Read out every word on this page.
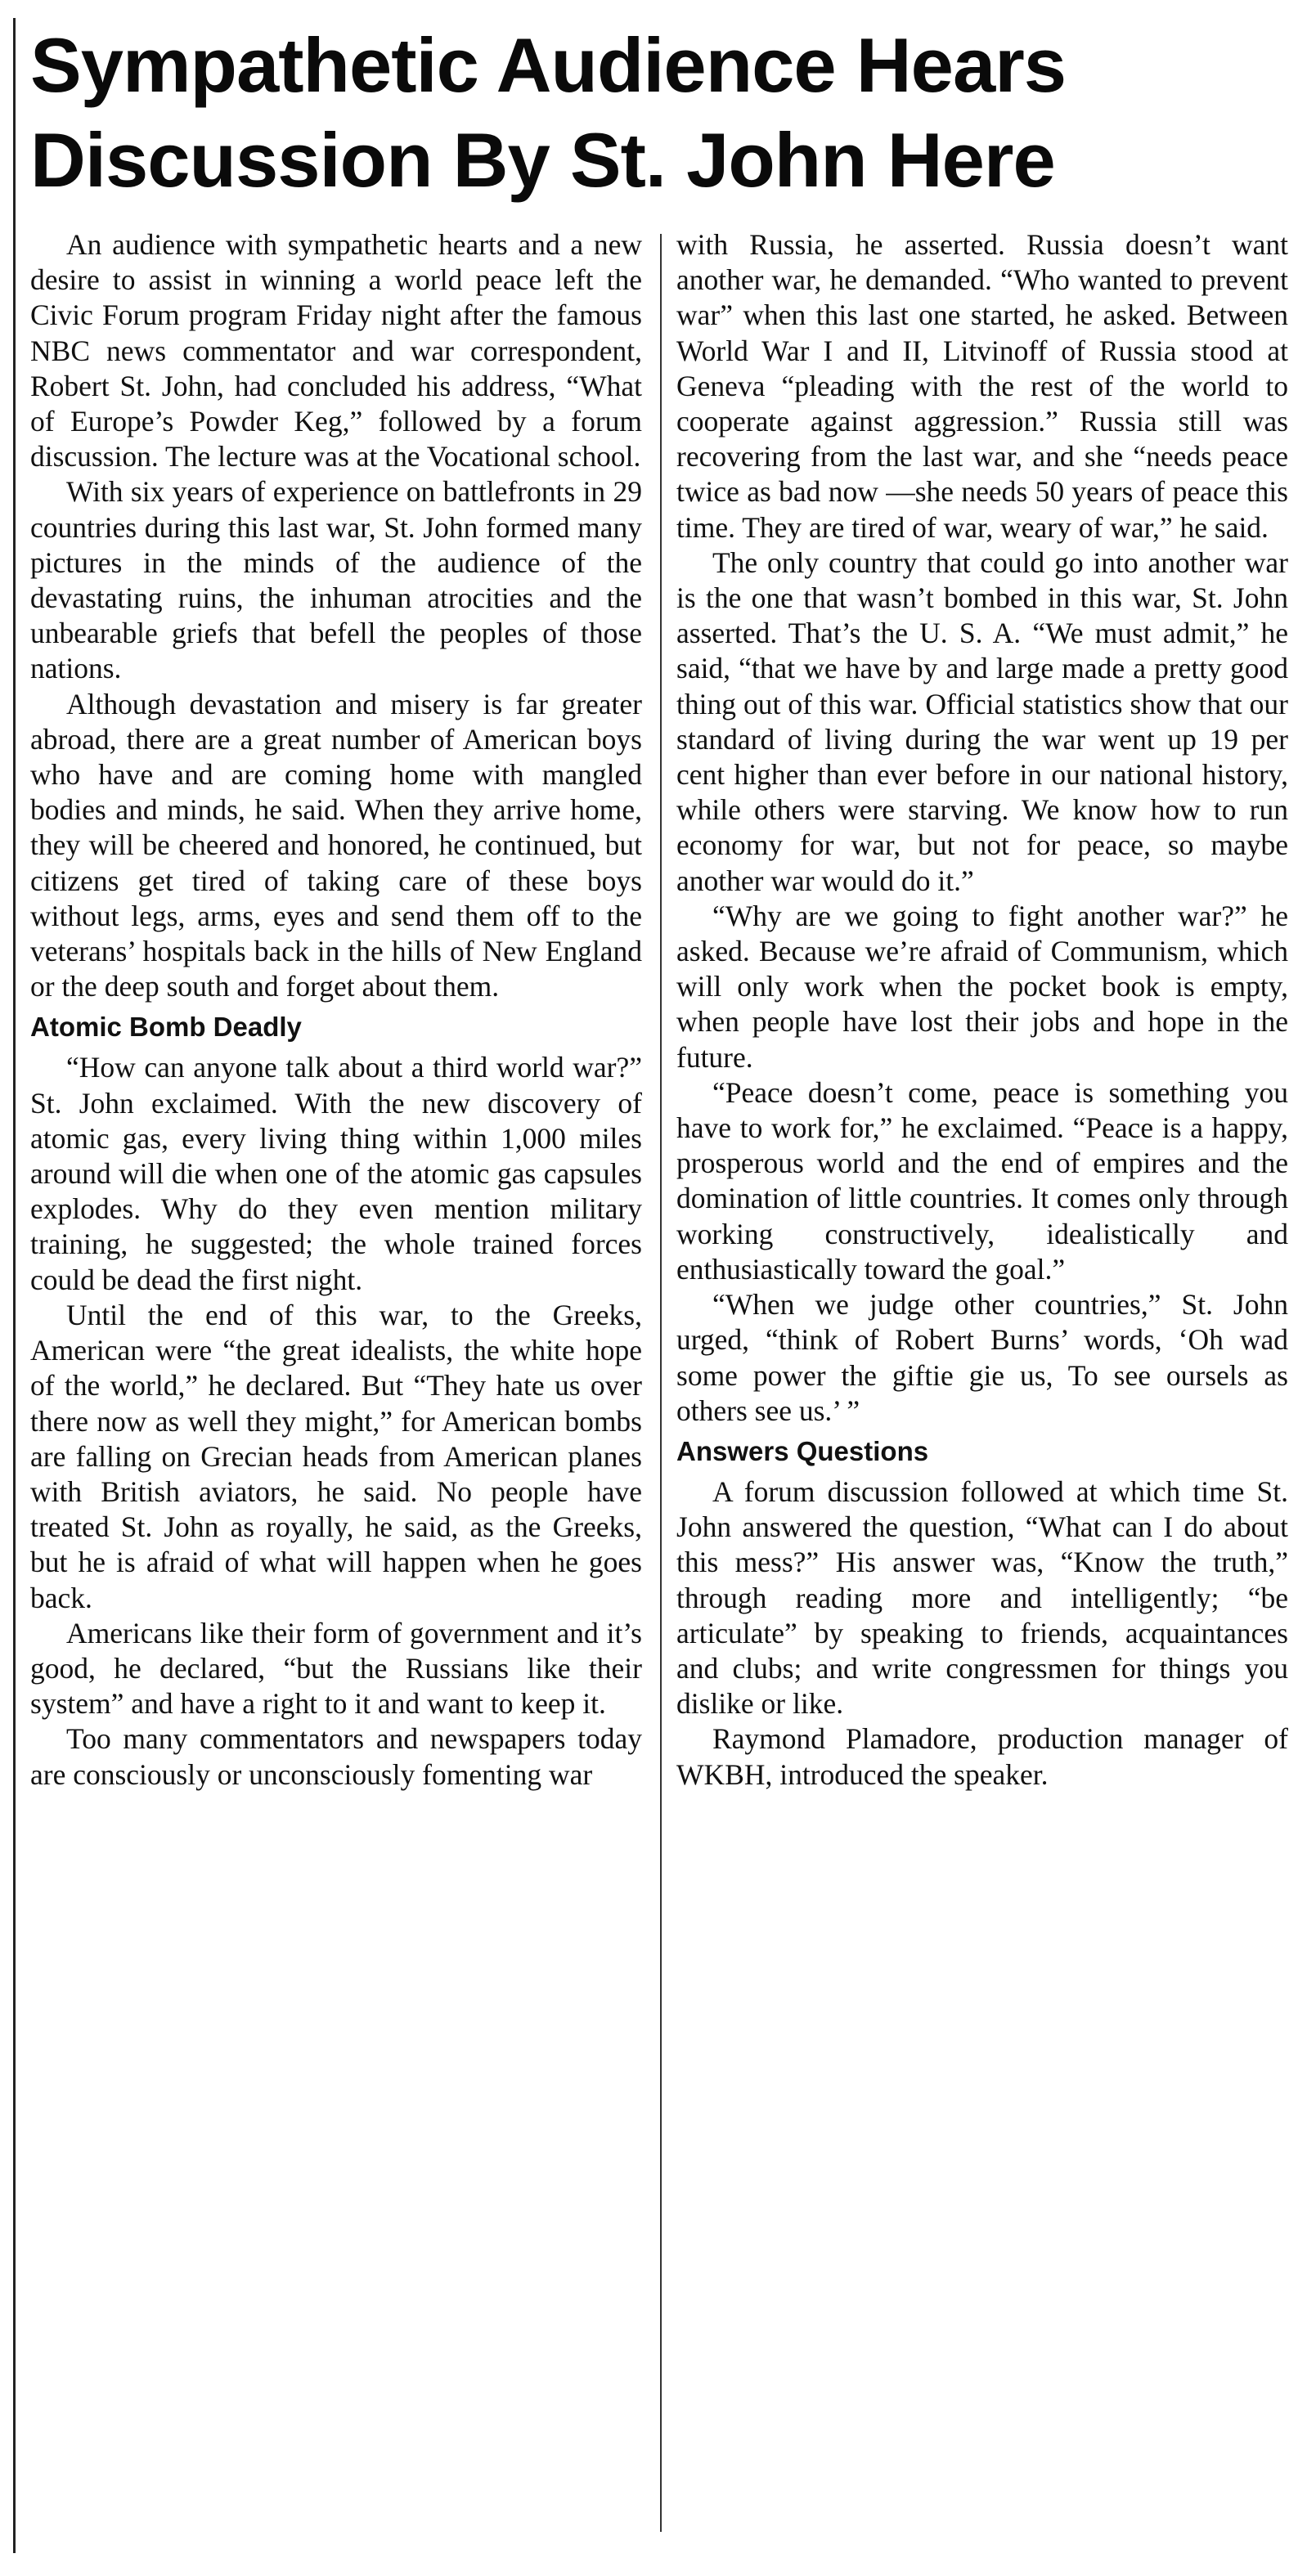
Sympathetic Audience Hears
Discussion By St. John Here

An audience with sympathetic hearts and a new desire to assist in winning a world peace left the Civic Forum program Friday night after the famous NBC news commentator and war correspondent, Robert St. John, had concluded his address, “What of Europe’s Powder Keg,” followed by a forum discussion. The lecture was at the Vocational school.

With six years of experience on battlefronts in 29 countries during this last war, St. John formed many pictures in the minds of the audience of the devastating ruins, the inhuman atrocities and the unbearable griefs that befell the peoples of those nations.

Although devastation and misery is far greater abroad, there are a great number of American boys who have and are coming home with mangled bodies and minds, he said. When they arrive home, they will be cheered and honored, he continued, but citizens get tired of taking care of these boys without legs, arms, eyes and send them off to the veterans’ hospitals back in the hills of New England or the deep south and forget about them.

Atomic Bomb Deadly

“How can anyone talk about a third world war?” St. John exclaimed. With the new discovery of atomic gas, every living thing within 1,000 miles around will die when one of the atomic gas capsules explodes. Why do they even mention military training, he suggested; the whole trained forces could be dead the first night.

Until the end of this war, to the Greeks, American were “the great idealists, the white hope of the world,” he declared. But “They hate us over there now as well they might,” for American bombs are falling on Grecian heads from American planes with British aviators, he said. No people have treated St. John as royally, he said, as the Greeks, but he is afraid of what will happen when he goes back.

Americans like their form of government and it’s good, he declared, “but the Russians like their system” and have a right to it and want to keep it.

Too many commentators and newspapers today are consciously or unconsciously fomenting war

with Russia, he asserted. Russia doesn’t want another war, he demanded. “Who wanted to prevent war” when this last one started, he asked. Between World War I and II, Litvinoff of Russia stood at Geneva “pleading with the rest of the world to cooperate against aggression.” Russia still was recovering from the last war, and she “needs peace twice as bad now —she needs 50 years of peace this time. They are tired of war, weary of war,” he said.

The only country that could go into another war is the one that wasn’t bombed in this war, St. John asserted. That’s the U. S. A. “We must admit,” he said, “that we have by and large made a pretty good thing out of this war. Official statistics show that our standard of living during the war went up 19 per cent higher than ever before in our national history, while others were starving. We know how to run economy for war, but not for peace, so maybe another war would do it.”

“Why are we going to fight another war?” he asked. Because we’re afraid of Communism, which will only work when the pocket book is empty, when people have lost their jobs and hope in the future.

“Peace doesn’t come, peace is something you have to work for,” he exclaimed. “Peace is a happy, prosperous world and the end of empires and the domination of little countries. It comes only through working constructively, idealistically and enthusiastically toward the goal.”

“When we judge other countries,” St. John urged, “think of Robert Burns’ words, ‘Oh wad some power the giftie gie us, To see oursels as others see us.’ ”

Answers Questions

A forum discussion followed at which time St. John answered the question, “What can I do about this mess?” His answer was, “Know the truth,” through reading more and intelligently; “be articulate” by speaking to friends, acquaintances and clubs; and write congressmen for things you dislike or like.

Raymond Plamadore, production manager of WKBH, introduced the speaker.
